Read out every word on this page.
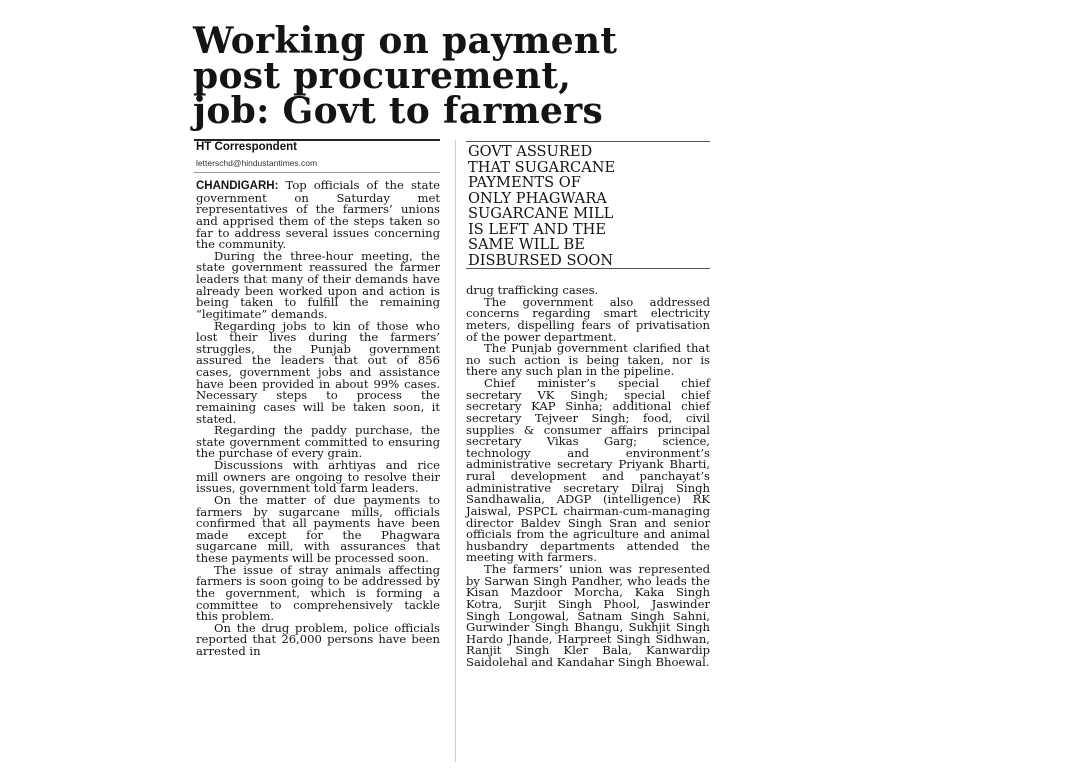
Working on payment
post procurement,
job: Govt to farmers
HT Correspondent
letterschd@hindustantimes.com

CHANDIGARH: Top officials of the state government on Saturday met representatives of the farmers’ unions and apprised them of the steps taken so far to address several issues concerning the community.

During the three-hour meeting, the state government reassured the farmer leaders that many of their demands have already been worked upon and action is being taken to fulfill the remaining “legitimate” demands.

Regarding jobs to kin of those who lost their lives during the farmers’ struggles, the Punjab government assured the leaders that out of 856 cases, government jobs and assistance have been provided in about 99% cases. Necessary steps to process the remaining cases will be taken soon, it stated.

Regarding the paddy purchase, the state government committed to ensuring the purchase of every grain.

Discussions with arhtiyas and rice mill owners are ongoing to resolve their issues, government told farm leaders.

On the matter of due payments to farmers by sugarcane mills, officials confirmed that all payments have been made except for the Phagwara sugarcane mill, with assurances that these payments will be processed soon.

The issue of stray animals affecting farmers is soon going to be addressed by the government, which is forming a committee to comprehensively tackle this problem.

On the drug problem, police officials reported that 26,000 persons have been arrested in

GOVT ASSURED
THAT SUGARCANE
PAYMENTS OF
ONLY PHAGWARA
SUGARCANE MILL
IS LEFT AND THE
SAME WILL BE
DISBURSED SOON

drug trafficking cases.

The government also addressed concerns regarding smart electricity meters, dispelling fears of privatisation of the power department.

The Punjab government clarified that no such action is being taken, nor is there any such plan in the pipeline.

Chief minister’s special chief secretary VK Singh; special chief secretary KAP Sinha; additional chief secretary Tejveer Singh; food, civil supplies & consumer affairs principal secretary Vikas Garg; science, technology and environment’s administrative secretary Priyank Bharti, rural development and panchayat’s administrative secretary Dilraj Singh Sandhawalia, ADGP (intelligence) RK Jaiswal, PSPCL chairman-cum-managing director Baldev Singh Sran and senior officials from the agriculture and animal husbandry departments attended the meeting with farmers.

The farmers’ union was represented by Sarwan Singh Pandher, who leads the Kisan Mazdoor Morcha, Kaka Singh Kotra, Surjit Singh Phool, Jaswinder Singh Longowal, Satnam Singh Sahni, Gurwinder Singh Bhangu, Sukhjit Singh Hardo Jhande, Harpreet Singh Sidhwan, Ranjit Singh Kler Bala, Kanwardip Saidolehal and Kandahar Singh Bhoewal.
